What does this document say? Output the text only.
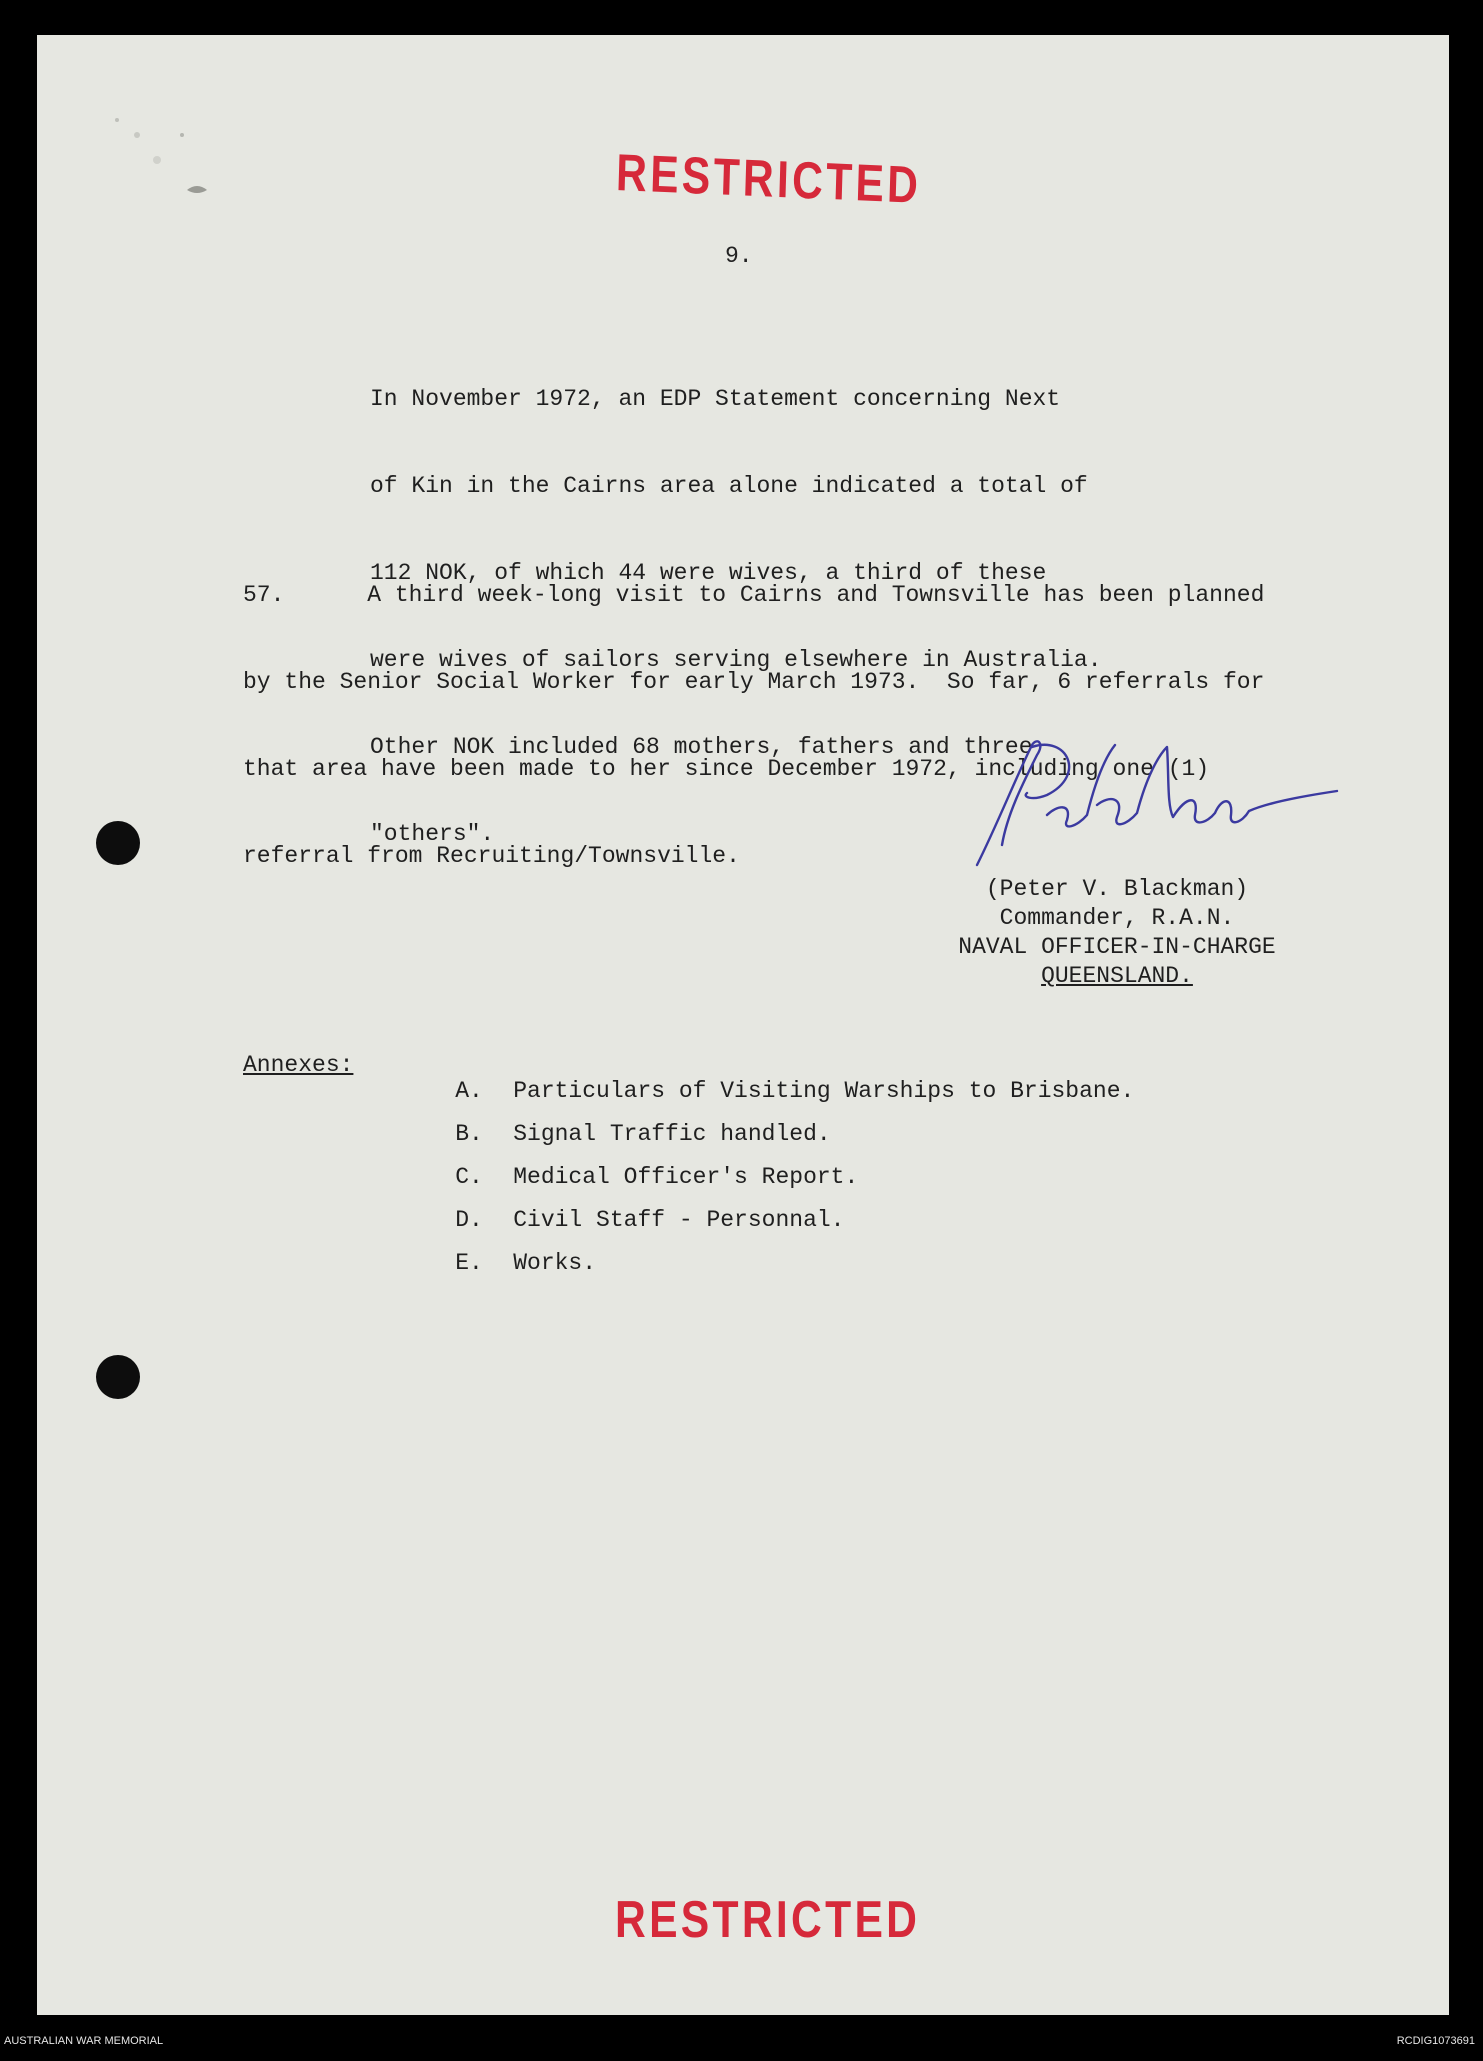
RESTRICTED
9.

In November 1972, an EDP Statement concerning Next

of Kin in the Cairns area alone indicated a total of

112 NOK, of which 44 were wives, a third of these

were wives of sailors serving elsewhere in Australia.

Other NOK included 68 mothers, fathers and three

"others".

57.      A third week-long visit to Cairns and Townsville has been planned

by the Senior Social Worker for early March 1973.  So far, 6 referrals for

that area have been made to her since December 1972, including one (1)

referral from Recruiting/Townsville.

(Peter V. Blackman)
Commander, R.A.N.
NAVAL OFFICER-IN-CHARGE
QUEENSLAND.
Annexes:

A. Particulars of Visiting Warships to Brisbane.

B. Signal Traffic handled.

C. Medical Officer's Report.

D. Civil Staff - Personnal.

E. Works.

RESTRICTED
AUSTRALIAN WAR MEMORIAL	RCDIG1073691
